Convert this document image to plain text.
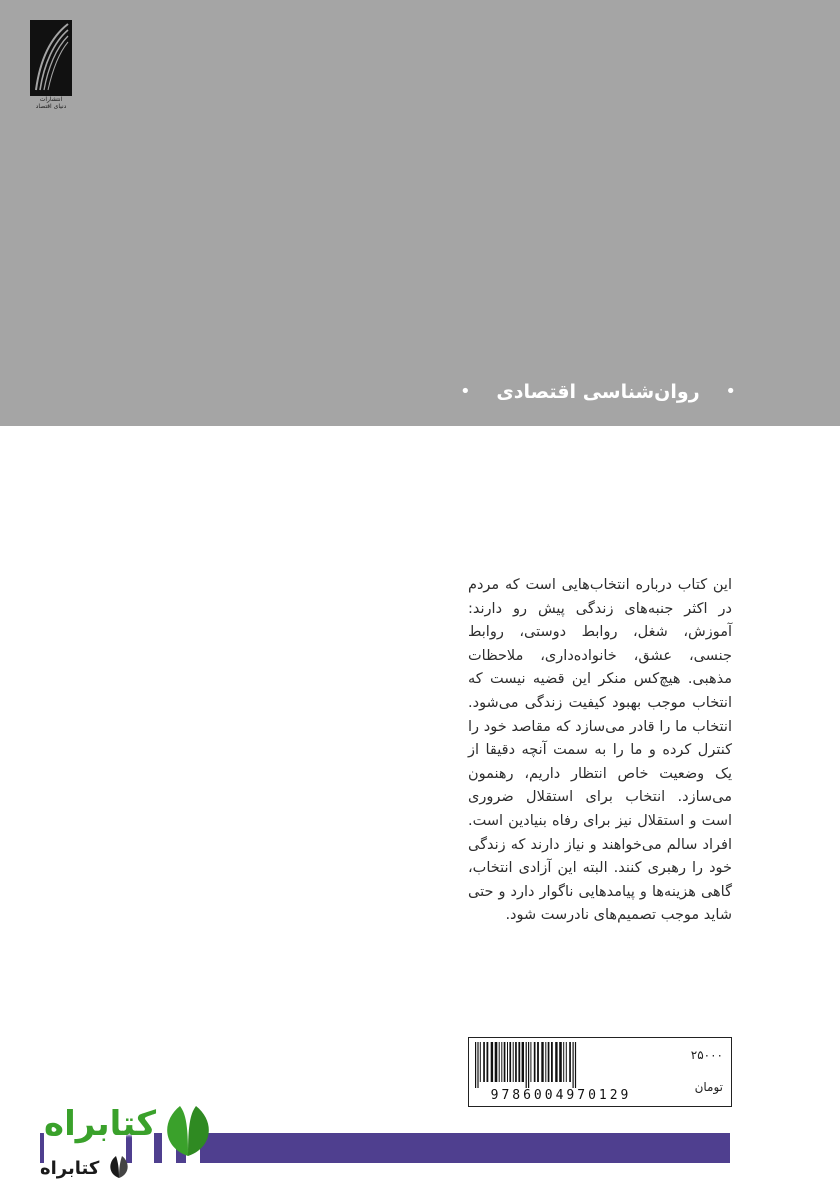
انتشارات
دنیای اقتصاد
•
روان‌شناسی اقتصادی
•

این کتاب درباره انتخاب‌هایی است که مردم در اکثر جنبه‌های زندگی پیش رو دارند: آموزش، شغل، روابط دوستی، روابط جنسی، عشق، خانواده‌داری، ملاحظات مذهبی. هیچ‌کس منکر این قضیه نیست که انتخاب موجب بهبود کیفیت زندگی می‌شود. انتخاب ما را قادر می‌سازد که مقاصد خود را کنترل کرده و ما را به سمت آنچه دقیقا از یک وضعیت خاص انتظار داریم، رهنمون می‌سازد. انتخاب برای استقلال ضروری است و استقلال نیز برای رفاه بنیادین است. افراد سالم می‌خواهند و نیاز دارند که زندگی خود را رهبری کنند. البته این آزادی انتخاب، گاهی هزینه‌ها و پیامدهایی ناگوار دارد و حتی شاید موجب تصمیم‌های نادرست شود.

9786004970129
۲۵۰۰۰
تومان
کتابراه
کتابراه
